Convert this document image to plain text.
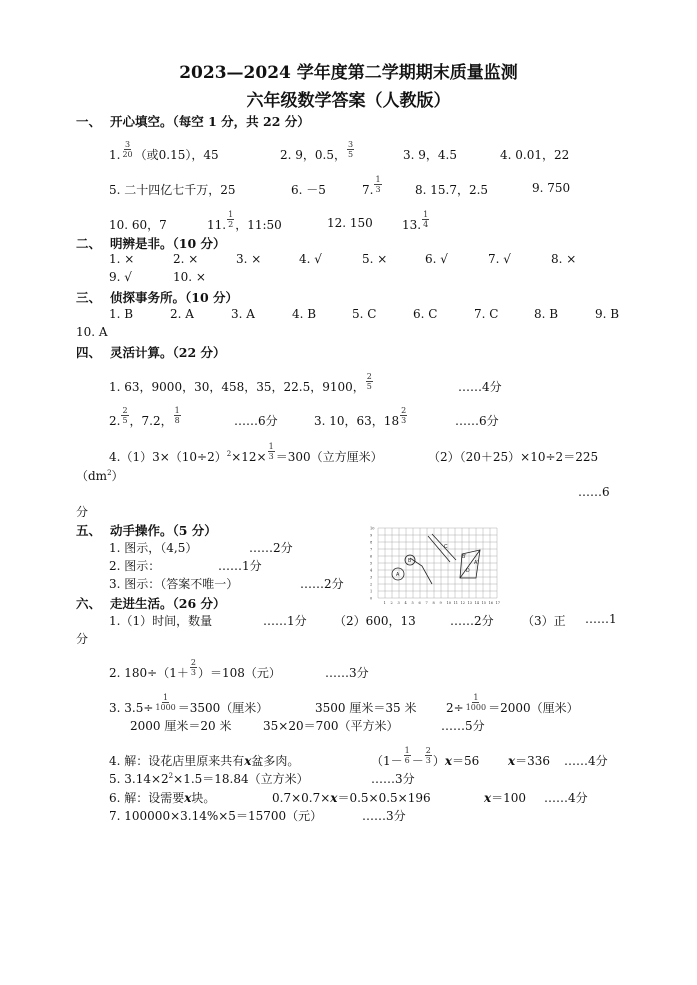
2023—2024 学年度第二学期期末质量监测
六年级数学答案（人教版）
一、 开心填空。（每空 1 分，共 22 分）
1. $\frac{3}{20}$ （或0.15），45	2. 9，0.5， $\frac{3}{5}$	3. 9，4.5	4. 0.01，22
5. 二十四亿七千万，25	6. －5	7. $\frac{1}{3}$	8. 15.7，2.5	9. 750
10. 60，7	11. $\frac{1}{2}$ ，11:50	12. 150 13. $\frac{1}{4}$
二、 明辨是非。（10 分）
1. ×	2. ×	3. ×	4. √	5. ×	6. √	7. √	8. ×
9. √	10. ×
三、 侦探事务所。（10 分）
1. B	2. A	3. A	4. B	5. C	6. C	7. C	8. B	9. B
10. A
四、 灵活计算。（22 分）
1. 63，9000，30，458，35，22.5，9100， $\frac{2}{5}$	……4分
2. $\frac{2}{5}$ ，7.2， $\frac{1}{8}$	……6分	3. 10，63，$18 \frac{2}{3}$	……6分
$4.(1)3\times(10\div 2)^2\times 12\times \frac{1}{3} =300$（立方厘米）	（2）（20＋25）×10÷2＝225
$(dm^2)$
……6
分
五、 动手操作。（5 分）
1. 图示，（4,5）	……2分
2. 图示：	……1分
3. 图示：（答案不唯一）	……2分
1 2 3 4 5 6 7 8 9 10 11 12 13 14 15 16 17
10
9
8
7
6
5
4
3
2
1
0
A
B
C
D
A'
B'
六、 走进生活。（26 分）
1.（1）时间，数量	……1分 （2）600，13	……2分 （3）正 ……1
分
2. $180\div(1+ \frac{2}{3} )=108$（元）	……3分
3. $3.5\div \frac{1}{1000} =3500$（厘米）	3500 厘米＝35 米 $2\div \frac{1}{1000} =2000$（厘米）
2000 厘米＝20 米	35×20＝700（平方米）	……5分
4. 解：设花店里原来共有x盆多肉。	$(1- \frac{1}{6} - \frac{2}{3} )x=56$ x＝336 ……4分
5. $3.14\times 2^2\times 1.5=18.84$（立方米）	……3分
6. 解：设需要x块。	0.7×0.7×x＝0.5×0.5×196	x＝100 ……4分
7. 100000×3.14%×5＝15700（元）	……3分
